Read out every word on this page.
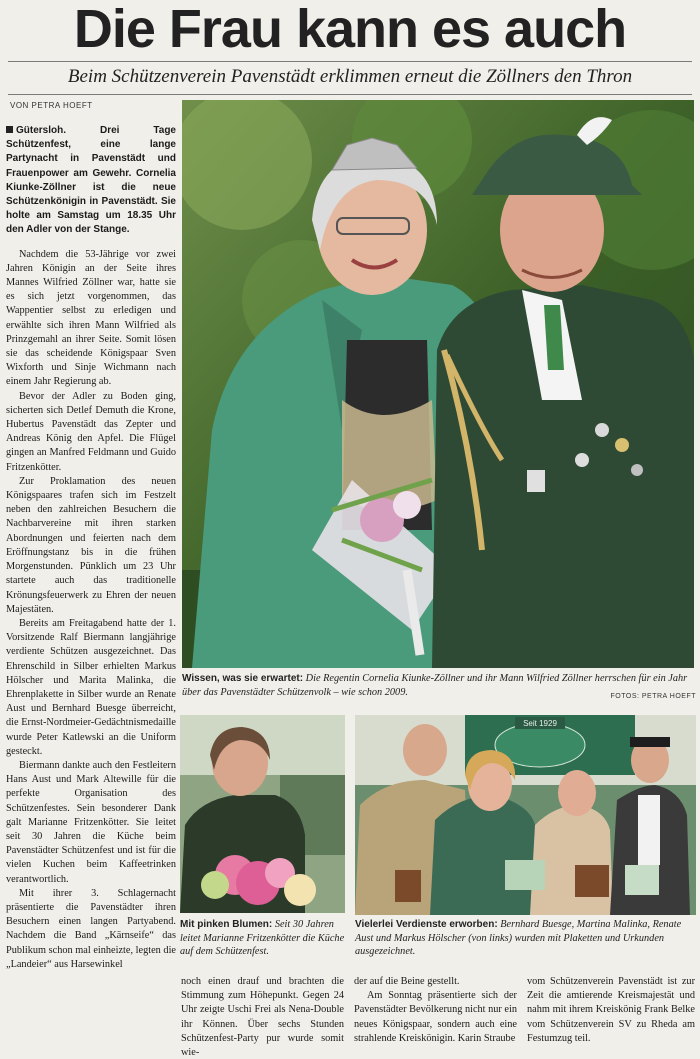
Die Frau kann es auch
Beim Schützenverein Pavenstädt erklimmen erneut die Zöllners den Thron
VON PETRA HOEFT

Gütersloh. Drei Tage Schützenfest, eine lange Partynacht in Pavenstädt und Frauenpower am Gewehr. Cornelia Kiunke-Zöllner ist die neue Schützenkönigin in Pavenstädt. Sie holte am Samstag um 18.35 Uhr den Adler von der Stange.

Nachdem die 53-Jährige vor zwei Jahren Königin an der Seite ihres Mannes Wilfried Zöllner war, hatte sie es sich jetzt vorgenommen, das Wappentier selbst zu erledigen und erwählte sich ihren Mann Wilfried als Prinzgemahl an ihrer Seite. Somit lösen sie das scheidende Königspaar Sven Wixforth und Sinje Wichmann nach einem Jahr Regierung ab.

Bevor der Adler zu Boden ging, sicherten sich Detlef Demuth die Krone, Hubertus Pavenstädt das Zepter und Andreas König den Apfel. Die Flügel gingen an Manfred Feldmann und Guido Fritzenkötter.

Zur Proklamation des neuen Königspaares trafen sich im Festzelt neben den zahlreichen Besuchern die Nachbarvereine mit ihren starken Abordnungen und feierten nach dem Eröffnungstanz bis in die frühen Morgenstunden. Pünklich um 23 Uhr startete auch das traditionelle Krönungsfeuerwerk zu Ehren der neuen Majestäten.

Bereits am Freitagabend hatte der 1. Vorsitzende Ralf Biermann langjährige verdiente Schützen ausgezeichnet. Das Ehrenschild in Silber erhielten Markus Hölscher und Marita Malinka, die Ehrenplakette in Silber wurde an Renate Aust und Bernhard Buesge überreicht, die Ernst-Nordmeier-Gedächtnismedaille wurde Peter Katlewski an die Uniform gesteckt.

Biermann dankte auch den Festleitern Hans Aust und Mark Altewille für die perfekte Organisation des Schützenfestes. Sein besonderer Dank galt Marianne Fritzenkötter. Sie leitet seit 30 Jahren die Küche beim Pavenstädter Schützenfest und ist für die vielen Kuchen beim Kaffeetrinken verantwortlich.

Mit ihrer 3. Schlagernacht präsentierte die Pavenstädter ihren Besuchern einen langen Partyabend. Nachdem die Band „Kärnseife“ das Publikum schon mal einheizte, legten die „Landeier“ aus Harsewinkel

Wissen, was sie erwartet: Die Regentin Cornelia Kiunke-Zöllner und ihr Mann Wilfried Zöllner herrschen für ein Jahr über das Pavenstädter Schützenvolk – wie schon 2009.	FOTOS: PETRA HOEFT
Mit pinken Blumen: Seit 30 Jahren leitet Marianne Fritzenkötter die Küche auf dem Schützenfest.
Seit 1929
Vielerlei Verdienste erworben: Bernhard Buesge, Martina Malinka, Renate Aust und Markus Hölscher (von links) wurden mit Plaketten und Urkunden ausgezeichnet.

noch einen drauf und brachten die Stimmung zum Höhepunkt. Gegen 24 Uhr zeigte Uschi Frei als Nena-Double ihr Können. Über sechs Stunden Schützenfest-Party pur wurde somit wie-

der auf die Beine gestellt.

Am Sonntag präsentierte sich der Pavenstädter Bevölkerung nicht nur ein neues Königspaar, sondern auch eine strahlende Kreiskönigin. Karin Straube

vom Schützenverein Pavenstädt ist zur Zeit die amtierende Kreismajestät und nahm mit ihrem Kreiskönig Frank Belke vom Schützenverein SV zu Rheda am Festumzug teil.
